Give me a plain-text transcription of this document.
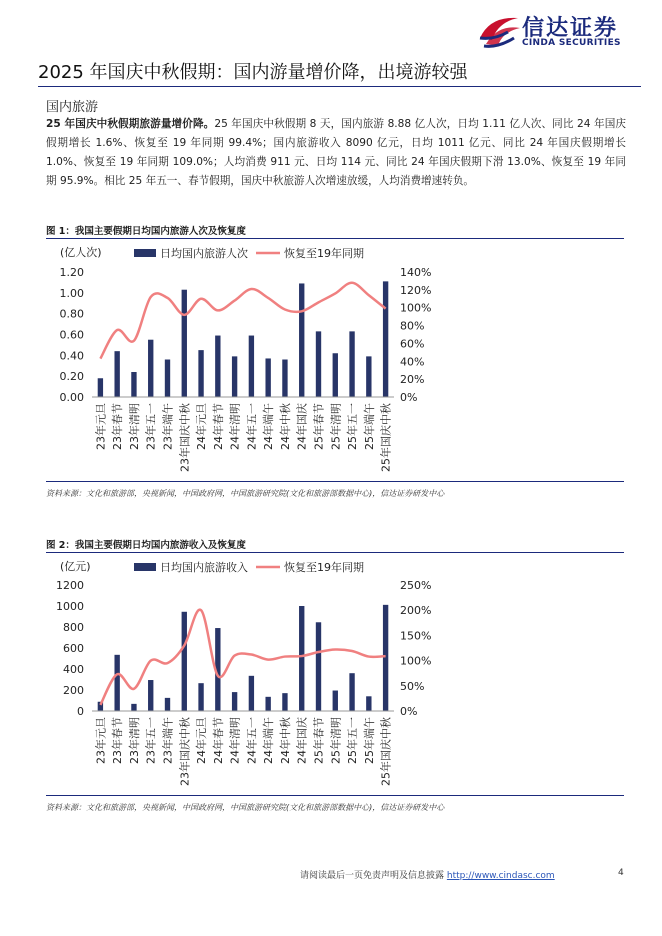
信达证券
CINDA SECURITIES
2025 年国庆中秋假期：国内游量增价降，出境游较强
国内旅游
25 年国庆中秋假期旅游量增价降。25 年国庆中秋假期 8 天，国内旅游 8.88 亿人次，日均 1.11 亿人次、同比 24 年国庆假期增长 1.6%、恢复至 19 年同期 99.4%；国内旅游收入 8090 亿元，日均 1011 亿元、同比 24 年国庆假期增长 1.0%、恢复至 19 年同期 109.0%；人均消费 911 元、日均 114 元、同比 24 年国庆假期下滑 13.0%、恢复至 19 年同期 95.9%。相比 25 年五一、春节假期，国庆中秋旅游人次增速放缓，人均消费增速转负。
图 1：我国主要假期日均国内旅游人次及恢复度
(亿人次)	日均国内旅游人次	恢复至19年同期
0.00
0.20
0.40
0.60
0.80
1.00
1.20
0%
20%
40%
60%
80%
100%
120%
140%
23年元旦 23年春节 23年清明 23年五一 23年端午 23年国庆中秋 24年元旦 24年春节 24年清明 24年五一 24年端午 24年中秋 24年国庆 25年春节 25年清明 25年五一 25年端午 25年国庆中秋
资料来源：文化和旅游部，央视新闻，中国政府网，中国旅游研究院(文化和旅游部数据中心)，信达证券研发中心
图 2：我国主要假期日均国内旅游收入及恢复度
(亿元)	日均国内旅游收入	恢复至19年同期
0
200
400
600
800
1000
1200
0%
50%
100%
150%
200%
250%
23年元旦 23年春节 23年清明 23年五一 23年端午 23年国庆中秋 24年元旦 24年春节 24年清明 24年五一 24年端午 24年中秋 24年国庆 25年春节 25年清明 25年五一 25年端午 25年国庆中秋
资料来源：文化和旅游部，央视新闻，中国政府网，中国旅游研究院(文化和旅游部数据中心)，信达证券研发中心
请阅读最后一页免责声明及信息披露 http://www.cindasc.com	4
